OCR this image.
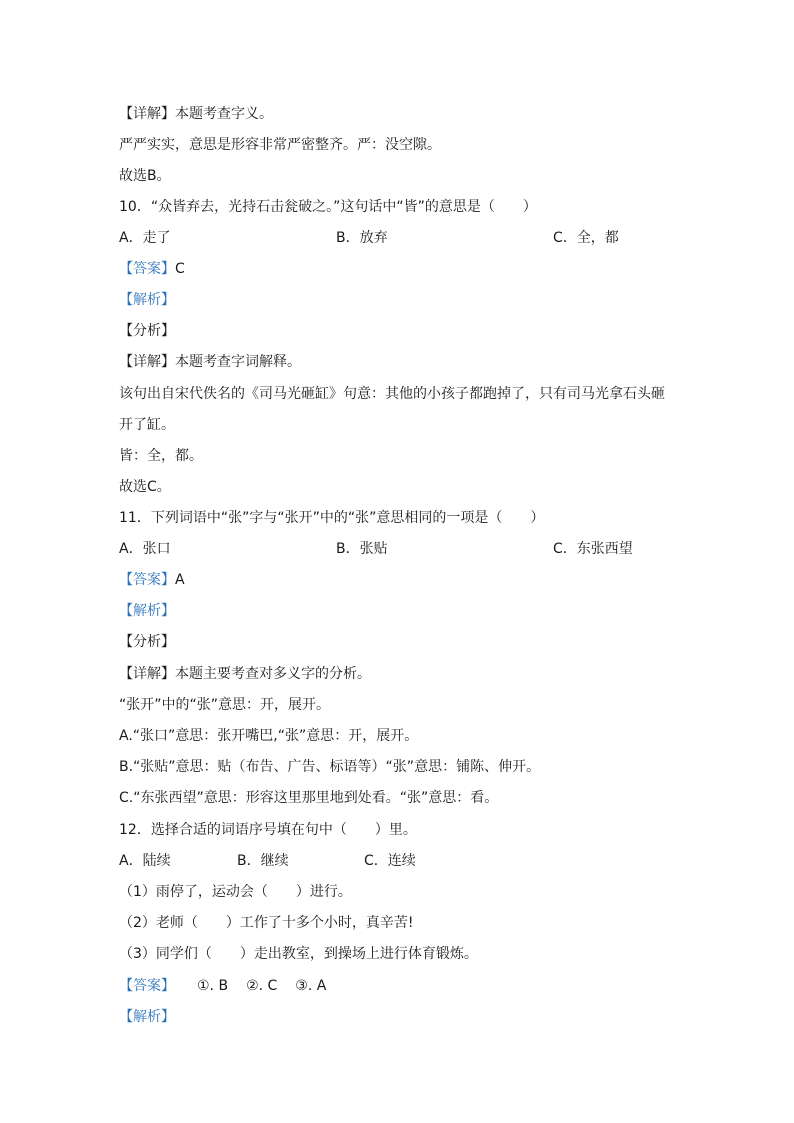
【详解】本题考查字义。
严严实实，意思是形容非常严密整齐。严：没空隙。
故选B。
10．“众皆弃去，光持石击瓮破之。”这句话中“皆”的意思是（　　）
A．走了	B．放弃	C．全，都
【答案】C
【解析】
【分析】
【详解】本题考查字词解释。
该句出自宋代佚名的《司马光砸缸》句意：其他的小孩子都跑掉了，只有司马光拿石头砸
开了缸。
皆：全，都。
故选C。
11．下列词语中“张”字与“张开”中的“张”意思相同的一项是（　　）
A．张口	B．张贴	C．东张西望
【答案】A
【解析】
【分析】
【详解】本题主要考查对多义字的分析。
“张开”中的“张”意思：开，展开。
A.“张口”意思：张开嘴巴,“张”意思：开，展开。
B.“张贴”意思：贴（布告、广告、标语等）“张”意思：铺陈、伸开。
C.“东张西望”意思：形容这里那里地到处看。“张”意思：看。
12．选择合适的词语序号填在句中（　　）里。
A．陆续	B．继续	C．连续
（1）雨停了，运动会（　　）进行。
（2）老师（　　）工作了十多个小时，真辛苦!
（3）同学们（　　）走出教室，到操场上进行体育锻炼。
【答案】 ①. B ②. C ③. A
【解析】
